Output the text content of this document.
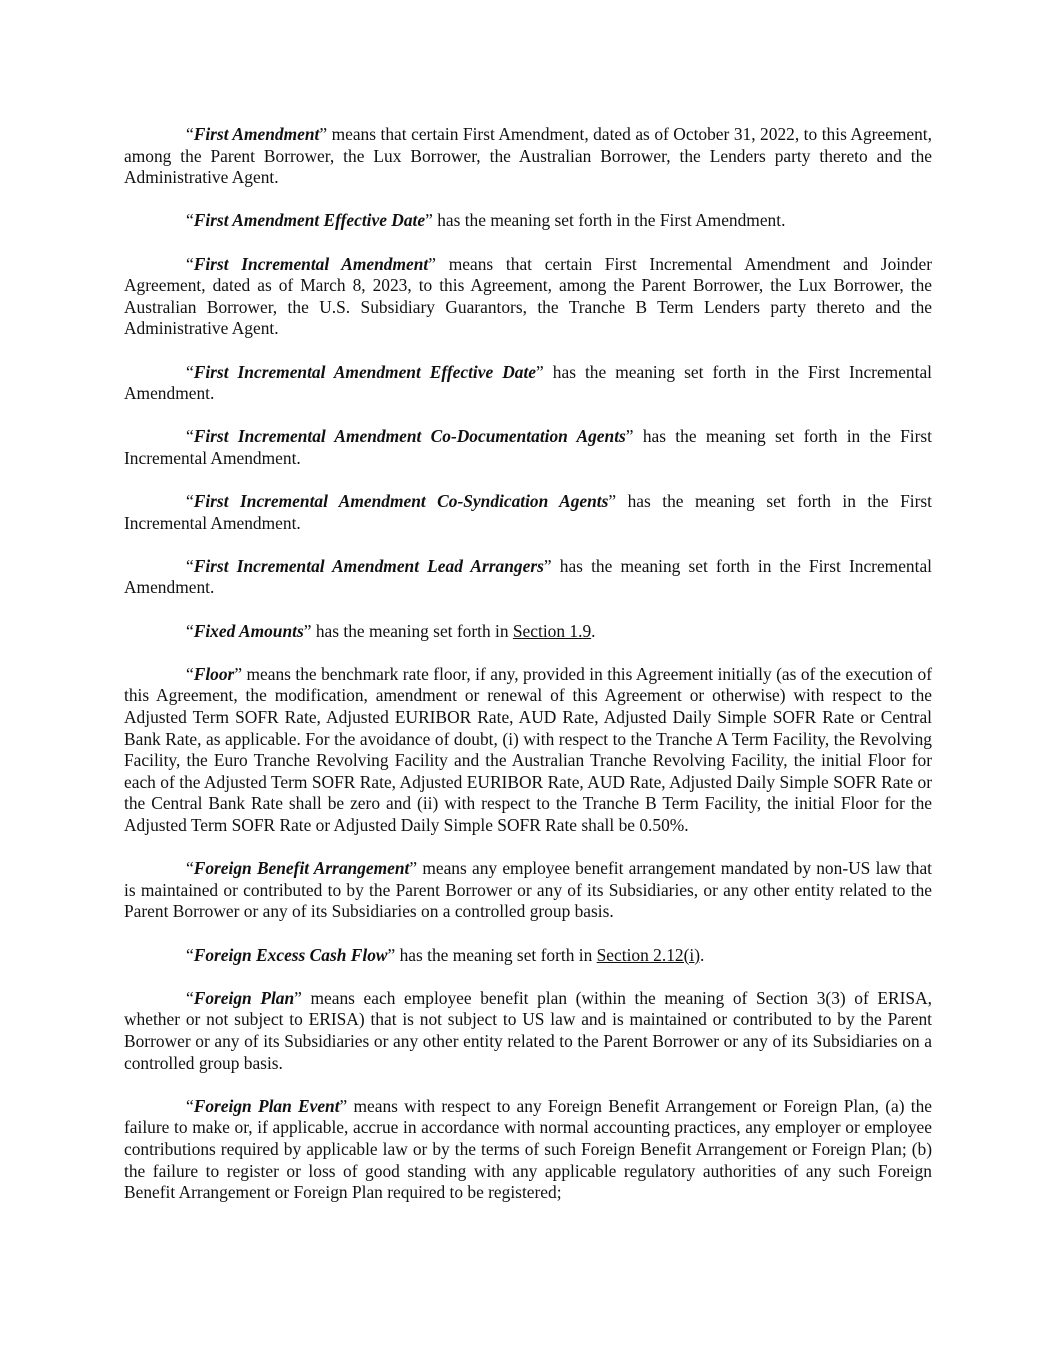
“First Amendment” means that certain First Amendment, dated as of October 31, 2022, to this Agreement, among the Parent Borrower, the Lux Borrower, the Australian Borrower, the Lenders party thereto and the Administrative Agent.

“First Amendment Effective Date” has the meaning set forth in the First Amendment.

“First Incremental Amendment” means that certain First Incremental Amendment and Joinder Agreement, dated as of March 8, 2023, to this Agreement, among the Parent Borrower, the Lux Borrower, the Australian Borrower, the U.S. Subsidiary Guarantors, the Tranche B Term Lenders party thereto and the Administrative Agent.

“First Incremental Amendment Effective Date” has the meaning set forth in the First Incremental Amendment.

“First Incremental Amendment Co-Documentation Agents” has the meaning set forth in the First Incremental Amendment.

“First Incremental Amendment Co-Syndication Agents” has the meaning set forth in the First Incremental Amendment.

“First Incremental Amendment Lead Arrangers” has the meaning set forth in the First Incremental Amendment.

“Fixed Amounts” has the meaning set forth in Section 1.9.

“Floor” means the benchmark rate floor, if any, provided in this Agreement initially (as of the execution of this Agreement, the modification, amendment or renewal of this Agreement or otherwise) with respect to the Adjusted Term SOFR Rate, Adjusted EURIBOR Rate, AUD Rate, Adjusted Daily Simple SOFR Rate or Central Bank Rate, as applicable. For the avoidance of doubt, (i) with respect to the Tranche A Term Facility, the Revolving Facility, the Euro Tranche Revolving Facility and the Australian Tranche Revolving Facility, the initial Floor for each of the Adjusted Term SOFR Rate, Adjusted EURIBOR Rate, AUD Rate, Adjusted Daily Simple SOFR Rate or the Central Bank Rate shall be zero and (ii) with respect to the Tranche B Term Facility, the initial Floor for the Adjusted Term SOFR Rate or Adjusted Daily Simple SOFR Rate shall be 0.50%.

“Foreign Benefit Arrangement” means any employee benefit arrangement mandated by non-US law that is maintained or contributed to by the Parent Borrower or any of its Subsidiaries, or any other entity related to the Parent Borrower or any of its Subsidiaries on a controlled group basis.

“Foreign Excess Cash Flow” has the meaning set forth in Section 2.12(i).

“Foreign Plan” means each employee benefit plan (within the meaning of Section 3(3) of ERISA, whether or not subject to ERISA) that is not subject to US law and is maintained or contributed to by the Parent Borrower or any of its Subsidiaries or any other entity related to the Parent Borrower or any of its Subsidiaries on a controlled group basis.

“Foreign Plan Event” means with respect to any Foreign Benefit Arrangement or Foreign Plan, (a) the failure to make or, if applicable, accrue in accordance with normal accounting practices, any employer or employee contributions required by applicable law or by the terms of such Foreign Benefit Arrangement or Foreign Plan; (b) the failure to register or loss of good standing with any applicable regulatory authorities of any such Foreign Benefit Arrangement or Foreign Plan required to be registered;
